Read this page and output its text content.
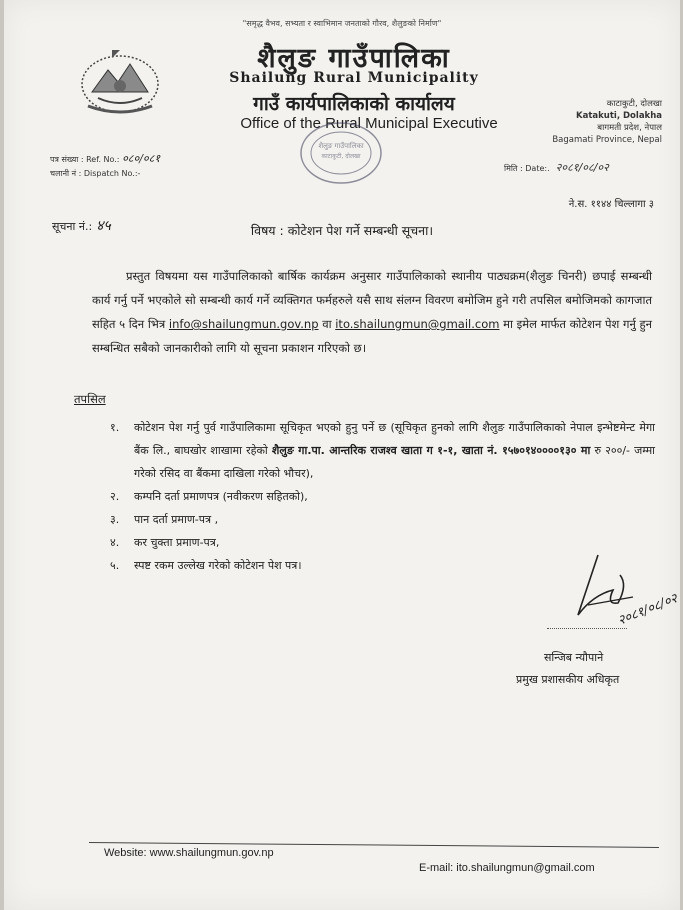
"समृद्ध वैभव, सभ्यता र स्वाभिमान जनताको गौरव, शैलुङको निर्माण"
शैलुङ गाउँपालिका
Shailung Rural Municipality
गाउँ कार्यपालिकाको कार्यालय
Office of the Rural Municipal Executive
काटाकुटी, दोलखा
Katakuti, Dolakha
बागमती प्रदेश, नेपाल
Bagamati Province, Nepal
शैलुङ गाउँपालिका
काटाकुटी, दोलखा
पत्र संख्या : Ref. No.: ०८०/०८१
चलानी नं : Dispatch No.:-
मिति : Date:. २०८१/०८/०२
ने.स. ११४४ चिल्लागा ३
सूचना नं.: ४५	विषय : कोटेशन पेश गर्ने सम्बन्धी सूचना।
प्रस्तुत विषयमा यस गाउँपालिकाको बार्षिक कार्यक्रम अनुसार गाउँपालिकाको स्थानीय पाठ्यक्रम(शैलुङ चिनरी) छपाई सम्बन्धी कार्य गर्नु पर्ने भएकोले सो सम्बन्धी कार्य गर्ने व्यक्तिगत फर्महरुले यसै साथ संलग्न विवरण बमोजिम हुने गरी तपसिल बमोजिमको कागजात सहित ५ दिन भित्र info@shailungmun.gov.np वा ito.shailungmun@gmail.com मा इमेल मार्फत कोटेशन पेश गर्नु हुन सम्बन्धित सबैको जानकारीको लागि यो सूचना प्रकाशन गरिएको छ।
तपसिल
१.	कोटेशन पेश गर्नु पुर्व गाउँपालिकामा सूचिकृत भएको हुनु पर्ने छ (सूचिकृत हुनको लागि शैलुङ गाउँपालिकाको नेपाल इन्भेष्टमेन्ट मेगा बैंक लि., बाघखोर शाखामा रहेको शैलुङ गा.पा. आन्तरिक राजश्व खाता ग १-१, खाता नं. १५७०१४००००१३० मा रु २००/- जम्मा गरेको रसिद वा बैंकमा दाखिला गरेको भौचर),
२.	कम्पनि दर्ता प्रमाणपत्र (नवीकरण सहितको),
३.	पान दर्ता प्रमाण-पत्र ,
४.	कर चुक्ता प्रमाण-पत्र,
५.	स्पष्ट रकम उल्लेख गरेको कोटेशन पेश पत्र।
२०८१/०८/०२
सन्जिब न्यौपाने
प्रमुख प्रशासकीय अधिकृत
Website: www.shailungmun.gov.np
E-mail: ito.shailungmun@gmail.com
